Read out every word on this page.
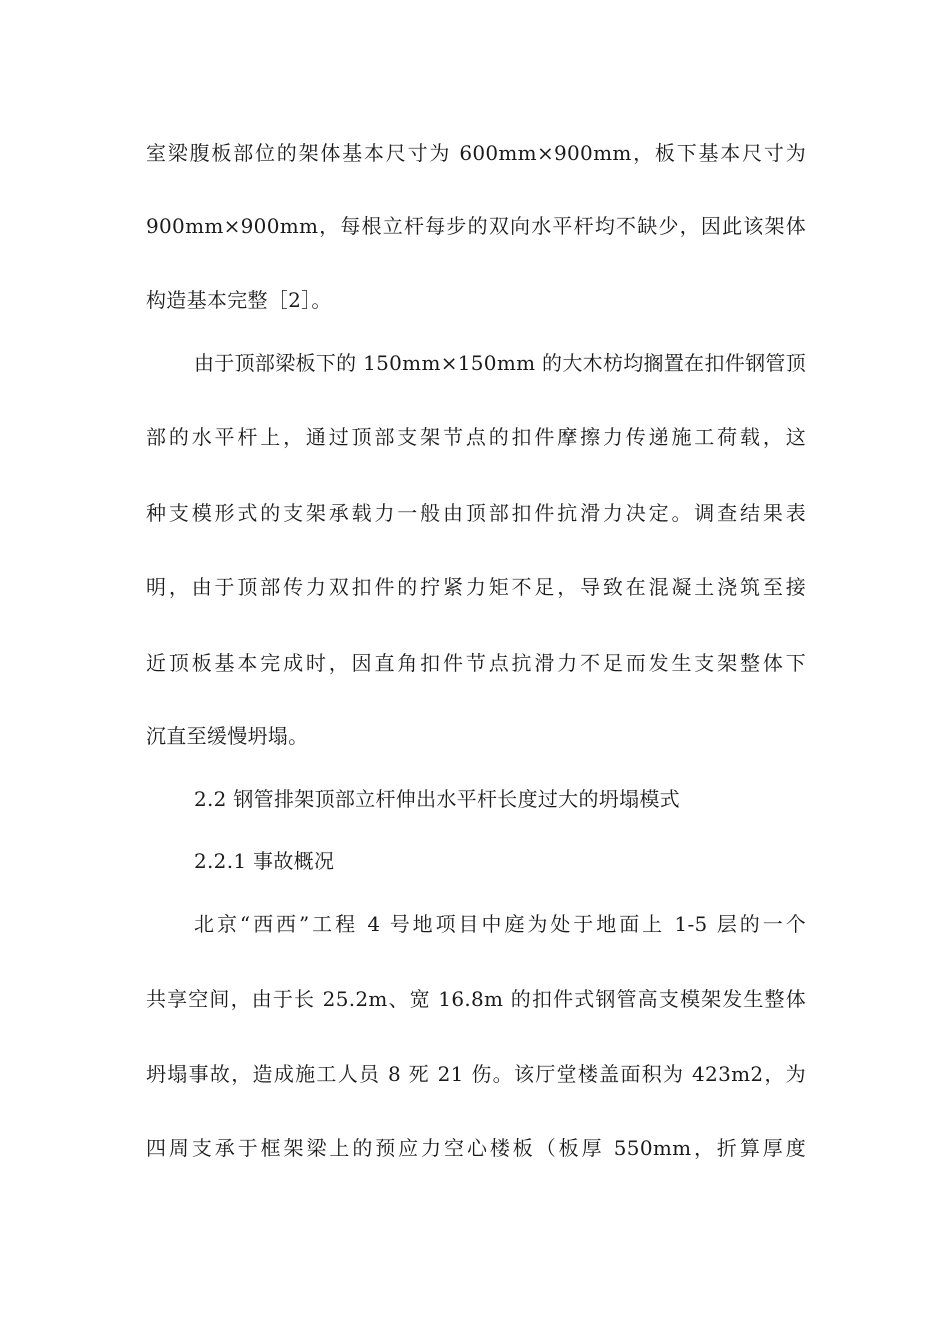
室梁腹板部位的架体基本尺寸为 600mm×900mm，板下基本尺寸为
900mm×900mm，每根立杆每步的双向水平杆均不缺少，因此该架体
构造基本完整［2］。
由于顶部梁板下的 150mm×150mm 的大木枋均搁置在扣件钢管顶
部的水平杆上，通过顶部支架节点的扣件摩擦力传递施工荷载，这
种支模形式的支架承载力一般由顶部扣件抗滑力决定。调查结果表
明，由于顶部传力双扣件的拧紧力矩不足，导致在混凝土浇筑至接
近顶板基本完成时，因直角扣件节点抗滑力不足而发生支架整体下
沉直至缓慢坍塌。
2.2 钢管排架顶部立杆伸出水平杆长度过大的坍塌模式
2.2.1 事故概况
北京“西西”工程 4 号地项目中庭为处于地面上 1-5 层的一个
共享空间，由于长 25.2m、宽 16.8m 的扣件式钢管高支模架发生整体
坍塌事故，造成施工人员 8 死 21 伤。该厅堂楼盖面积为 423m2，为
四周支承于框架梁上的预应力空心楼板（板厚 550mm，折算厚度
